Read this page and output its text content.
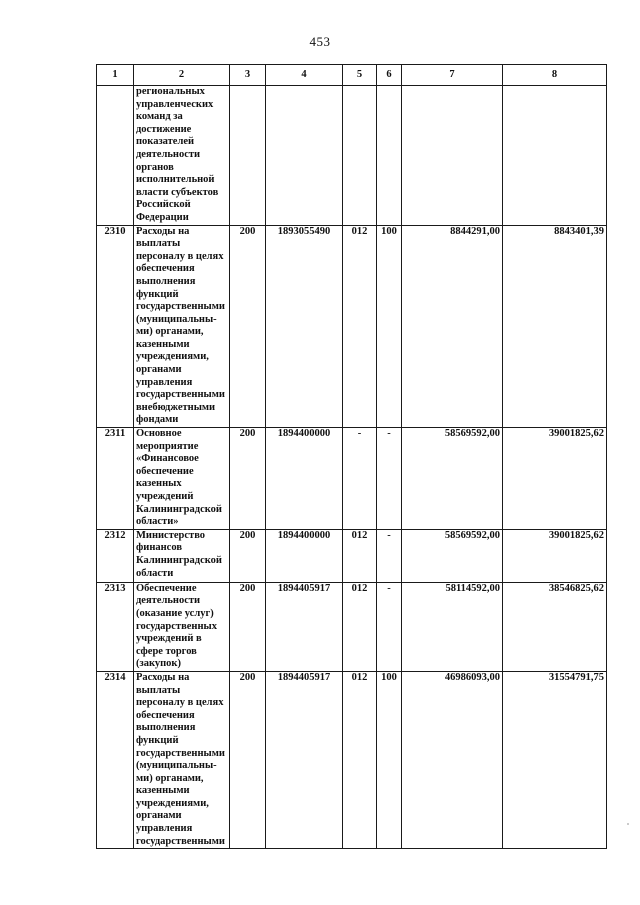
453
1	2	3	4	5	6	7	8
	региональных управленческих команд за достижение показателей деятельности органов исполнительной власти субъектов Российской Федерации						
2310	Расходы на выплаты персоналу в целях обеспечения выполнения функций государственными (муниципальны-ми) органами, казенными учреждениями, органами управления государственными внебюджетными фондами	200	1893055490	012	100	8844291,00	8843401,39
2311	Основное мероприятие «Финансовое обеспечение казенных учреждений Калининградской области»	200	1894400000	-	-	58569592,00	39001825,62
2312	Министерство финансов Калининградской области	200	1894400000	012	-	58569592,00	39001825,62
2313	Обеспечение деятельности (оказание услуг) государственных учреждений в сфере торгов (закупок)	200	1894405917	012	-	58114592,00	38546825,62
2314	Расходы на выплаты персоналу в целях обеспечения выполнения функций государственными (муниципальны-ми) органами, казенными учреждениями, органами управления государственными	200	1894405917	012	100	46986093,00	31554791,75
